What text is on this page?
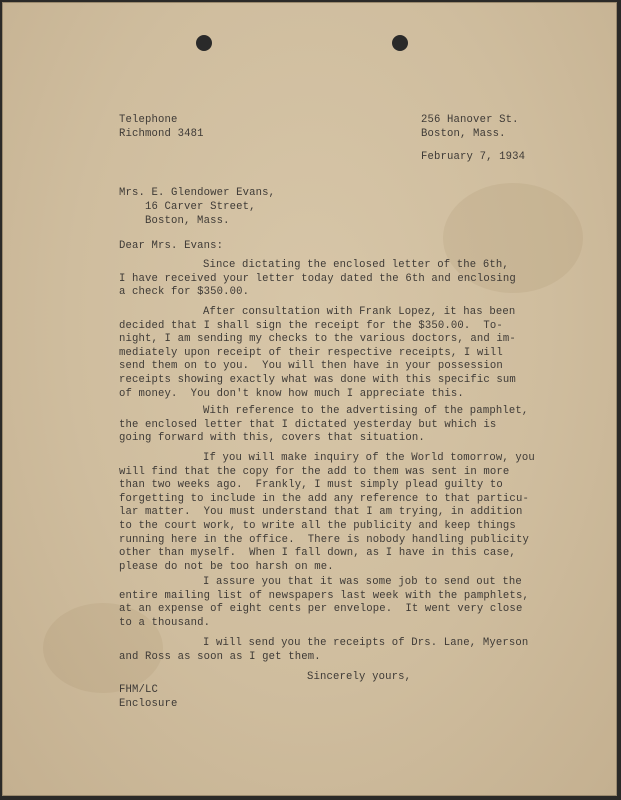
Telephone
Richmond 3481
256 Hanover St.
Boston, Mass.
February 7, 1934
Mrs. E. Glendower Evans,
16 Carver Street,
Boston, Mass.
Dear Mrs. Evans:
Since dictating the enclosed letter of the 6th,
I have received your letter today dated the 6th and enclosing
a check for $350.00.
After consultation with Frank Lopez, it has been
decided that I shall sign the receipt for the $350.00.  To-
night, I am sending my checks to the various doctors, and im-
mediately upon receipt of their respective receipts, I will
send them on to you.  You will then have in your possession
receipts showing exactly what was done with this specific sum
of money.  You don't know how much I appreciate this.
With reference to the advertising of the pamphlet,
the enclosed letter that I dictated yesterday but which is
going forward with this, covers that situation.
If you will make inquiry of the World tomorrow, you
will find that the copy for the add to them was sent in more
than two weeks ago.  Frankly, I must simply plead guilty to
forgetting to include in the add any reference to that particu-
lar matter.  You must understand that I am trying, in addition
to the court work, to write all the publicity and keep things
running here in the office.  There is nobody handling publicity
other than myself.  When I fall down, as I have in this case,
please do not be too harsh on me.
I assure you that it was some job to send out the
entire mailing list of newspapers last week with the pamphlets,
at an expense of eight cents per envelope.  It went very close
to a thousand.
I will send you the receipts of Drs. Lane, Myerson
and Ross as soon as I get them.
Sincerely yours,
FHM/LC
Enclosure
